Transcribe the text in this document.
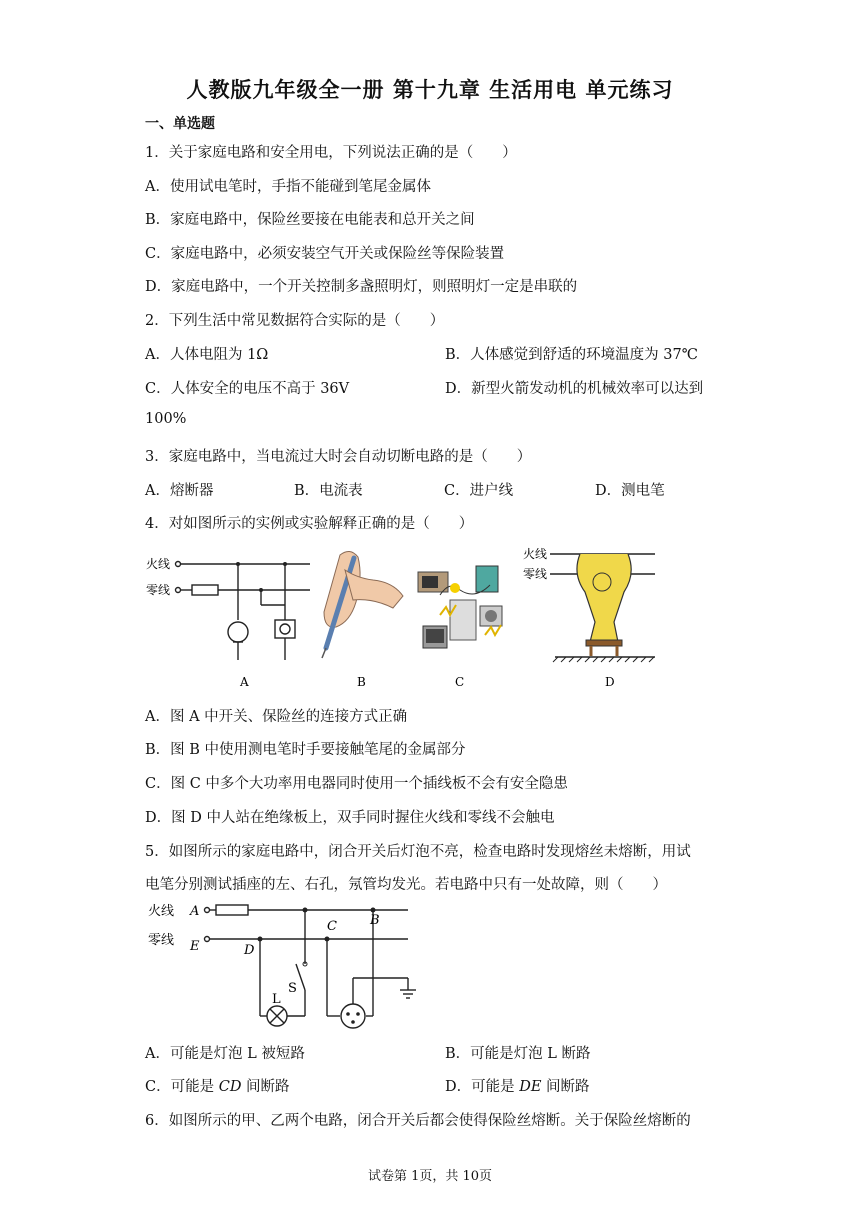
人教版九年级全一册 第十九章 生活用电 单元练习
一、单选题
1．关于家庭电路和安全用电，下列说法正确的是（　　）
A．使用试电笔时，手指不能碰到笔尾金属体
B．家庭电路中，保险丝要接在电能表和总开关之间
C．家庭电路中，必须安装空气开关或保险丝等保险装置
D．家庭电路中，一个开关控制多盏照明灯，则照明灯一定是串联的
2．下列生活中常见数据符合实际的是（　　）
A．人体电阻为 1Ω	B．人体感觉到舒适的环境温度为 37℃
C．人体安全的电压不高于 36V	D．新型火箭发动机的机械效率可以达到
100%
3．家庭电路中，当电流过大时会自动切断电路的是（　　）
A．熔断器	B．电流表	C．进户线	D．测电笔
4．对如图所示的实例或实验解释正确的是（　　）
火线
零线
火线
零线
A	B	C	D
A．图 A 中开关、保险丝的连接方式正确
B．图 B 中使用测电笔时手要接触笔尾的金属部分
C．图 C 中多个大功率用电器同时使用一个插线板不会有安全隐患
D．图 D 中人站在绝缘板上，双手同时握住火线和零线不会触电
5．如图所示的家庭电路中，闭合开关后灯泡不亮，检查电路时发现熔丝未熔断，用试
电笔分别测试插座的左、右孔，氖管均发光。若电路中只有一处故障，则（　　）
火线
零线
A
E	D
C	B
L
S
A．可能是灯泡 L 被短路	B．可能是灯泡 L 断路
C．可能是 CD 间断路	D．可能是 DE 间断路
6．如图所示的甲、乙两个电路，闭合开关后都会使得保险丝熔断。关于保险丝熔断的
试卷第 1页，共 10页
